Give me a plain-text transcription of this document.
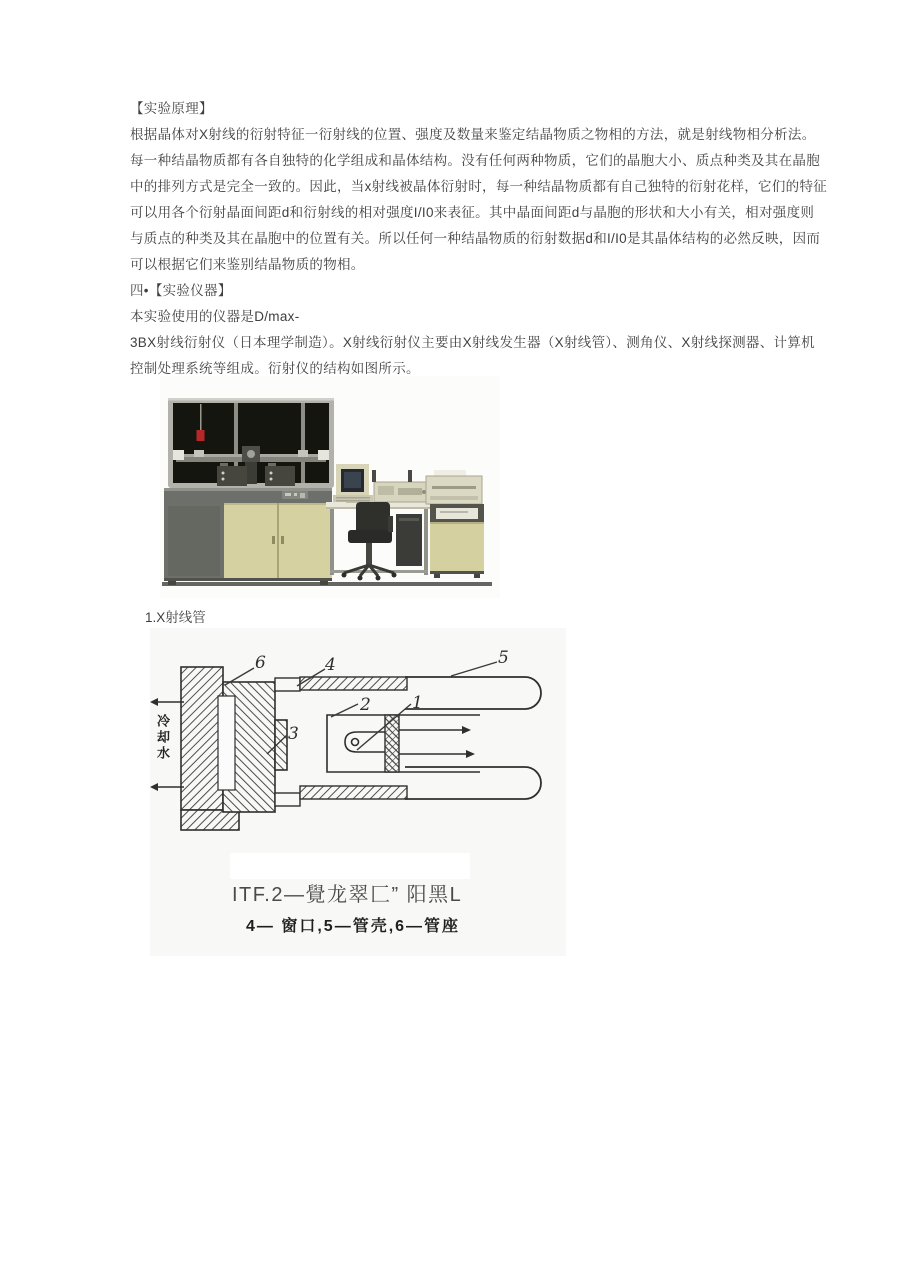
【实验原理】
根据晶体对X射线的衍射特征一衍射线的位置、强度及数量来鉴定结晶物质之物相的方法，就是射线物相分析法。
每一种结晶物质都有各自独特的化学组成和晶体结构。没有任何两种物质，它们的晶胞大小、质点种类及其在晶胞
中的排列方式是完全一致的。因此，当x射线被晶体衍射时，每一种结晶物质都有自己独特的衍射花样，它们的特征
可以用各个衍射晶面间距d和衍射线的相对强度I/I0来表征。其中晶面间距d与晶胞的形状和大小有关，相对强度则
与质点的种类及其在晶胞中的位置有关。所以任何一种结晶物质的衍射数据d和I/I0是其晶体结构的必然反映，因而
可以根据它们来鉴别结晶物质的物相。
四•【实验仪器】
本实验使用的仪器是D/max-
3BX射线衍射仪（日本理学制造）。X射线衍射仪主要由X射线发生器（X射线管）、测角仪、X射线探测器、计算机
控制处理系统等组成。衍射仪的结构如图所示。
1.X射线管
6	4	5
3
2 1
冷却水
ITF.2—覺龙翠匚” 阳黑L
4— 窗口,5—管壳,6—管座
